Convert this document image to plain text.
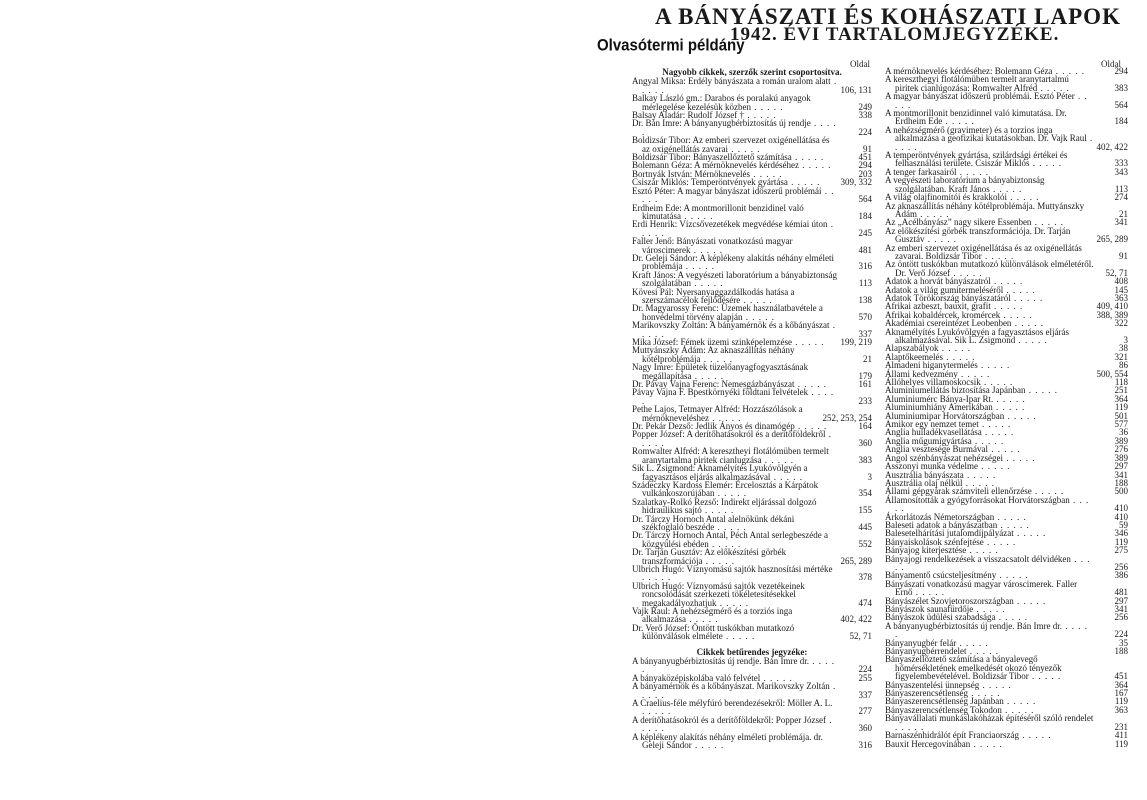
A BÁNYÁSZATI ÉS KOHÁSZATI LAPOK
1942. ÉVI TARTALOMJEGYZÉKE.
Olvasótermi példány
Oldal	Oldal
Nagyobb cikkek, szerzők szerint csoportosítva.
Angyal Miksa: Erdély bányászata a román uralom alatt . . . . .	106, 131
Balkay László gm.: Darabos és poralakú anyagok mérlegelése kezelésük közben . . . . .	249
Balsay Aladár: Rudolf József † . . . . .	338
Dr. Bán Imre: A bányanyugbérbiztosítás új rendje . . . . .	224
Boldizsár Tibor: Az emberi szervezet oxigénellátása és az oxigénellátás zavarai . . . . .	91
Boldizsár Tibor: Bányaszellőztető számítása . . . . .	451
Bolemann Géza: A mérnöknevelés kérdéséhez . . . . .	294
Bortnyák István: Mérnöknevelés . . . . .	203
Csiszár Miklós: Temperöntvények gyártása . . . . . 309, 332
Esztó Péter: A magyar bányászat időszerű problémái . . . . .	564
Erdheim Ede: A montmorillonit benzidinel való kimutatása . . . . .	184
Erdi Henrik: Vízcsővezetékek megvédése kémiai úton . . . . .	245
Faller Jenő: Bányászati vonatkozású magyar városcimerek . . . . .	481
Dr. Geleji Sándor: A képlékeny alakítás néhány elméleti problémája . . . . .	316
Kraft János: A vegyészeti laboratórium a bányabiztonság szolgálatában . . . . .	113
Kövesi Pál: Nyersanyaggazdálkodás hatása a szerszámacélok fejlődésére . . . . .	138
Dr. Magyarossy Ferenc: Üzemek használatbavétele a honvédelmi törvény alapján . . . . .	570
Marikovszky Zoltán: A bányamérnök és a kőbányászat . . . . .	337
Mika József: Fémek üzemi szinképelemzése . . . . . 199, 219
Muttyánszky Ádám: Az aknaszállítás néhány kötélproblémája . . . . .	21
Nagy Imre: Épületek tüzelőanyagfogyasztásának megállapítása . . . . .	179
Dr. Pávay Vajna Ferenc: Nemesgázbányászat . . . . .	161
Pávay Vajna F. Bpestkörnyéki földtani felvételek . . . . .	233
Pethe Lajos, Tetmayer Alfréd: Hozzászólások a mérnökneveléshez . . . . .	252, 253, 254
Dr. Pekár Dezső: Jedlik Ányos és dinamógép . . . . .	164
Popper József: A derítőhatásokról és a derítőföldekről . . . . .	360
Romwalter Alfréd: A keresztheyi flotálómüben termelt aranytartalma piritek cianlugzása . . . . .	383
Sik L. Zsigmond: Aknamélyítés Lyukóvölgyén a fagyasztásos eljárás alkalmazásával . . . . .	3
Szádeczky Kardoss Elemér: Ércelosztás a Kárpátok vulkánkoszorújában . . . . .	354
Szalatkay-Rolkó Rezső: Indirekt eljárással dolgozó hidraulikus sajtó . . . . .	155
Dr. Tárczy Hornoch Antal alelnökünk dékáni székfoglaló beszéde . . . . .	445
Dr. Tárczy Hornoch Antal, Péch Antal serlegbeszéde a közgyülési ebéden . . . . .	552
Dr. Tarján Gusztáv: Az előkészítési görbék transzformációja . . . . .	265, 289
Ulbrich Hugó: Víznyomású sajtók hasznosítási mértéke . . . . .	378
Ulbrich Hugó: Víznyomású sajtók vezetékeinek roncsolódását szerkezeti tökéletesítésekkel megakadályozhatjuk . . . . .	474
Vajk Raul: A nehézségmérő és a torziós inga alkalmazása . . . . .	402, 422
Dr. Verő József: Öntött tuskókban mutatkozó különválások elmélete . . . . .	52, 71
Cikkek betűrendes jegyzéke:
A bányanyugbérbiztosítás új rendje. Bán Imre dr. . . . . .	224
A bányaközépiskolába való felvétel . . . . .	255
A bányamérnök és a kőbányászat. Marikovszky Zoltán . . . . .	337
A Craelius-féle mélyfúró berendezésekről: Möller A. L. . . . . .	277
A derítőhatásokról és a derítőföldekről: Popper József . . . . .	360
A képlékeny alakítás néhány elméleti problémája. dr. Geleji Sándor . . . . .	316
A mérnöknevelés kérdéséhez: Bolemann Géza . . . . .	294
A kereszthegyi flotálómüben termelt aranytartalmú piritek cianlúgozása: Romwalter Alfréd . . . . .	383
A magyar bányászat időszerű problémái. Esztó Péter . . . . .	564
A montmorillonit benzidinnel való kimutatása. Dr. Erdheim Ede . . . . .	184
A nehézségmérő (gravimeter) és a torzios inga alkalmazása a geofizikai kutatásokban. Dr. Vajk Raul . . . . .	402, 422
A temperöntvények gyártása, szilárdsági értékei és felhasználási területe. Csiszár Miklós . . . . .	333
A tenger farkasairól . . . . .	343
A vegyészeti laboratórium a bányabiztonság szolgálatában. Kraft János . . . . .	113
A világ olajfinomítói és krakkolói . . . . .	274
Az aknaszállítás néhány kötélproblémája. Muttyánszky Ádám . . . . .	21
Az „Acélbányász” nagy sikere Essenben . . . . .	341
Az előkészítési görbék transzformációja. Dr. Tarján Gusztáv . . . . .	265, 289
Az emberi szervezet oxigénellátása és az oxigénellátás zavarai. Boldizsár Tibor . . . . .	91
Az öntött tuskókban mutatkozó különválások elméletéről. Dr. Verő József . . . . .	52, 71
Adatok a horvát bányászatról . . . . .	408
Adatok a világ gumitermeléséről . . . . .	145
Adatok Törökország bányászatáról . . . . .	363
Afrikai azbeszt, bauxit, grafit . . . . .	409, 410
Afrikai kobaldércek, kromércek . . . . .	388, 389
Akadémiai csereintézet Leobenben . . . . .	322
Aknamélyítés Lyukóvölgyén a fagyasztásos eljárás alkalmazásával. Sik L. Zsigmond . . . . .	3
Alapszabályok . . . . .	38
Alaptőkeemelés . . . . .	321
Almadeni higanytermelés . . . . .	86
Állami kedvezmény . . . . .	500, 554
Állóhelyes villamoskocsik . . . . .	118
Aluminiumellátás biztosítása Japánban . . . . .	251
Aluminiumérc Bánya-Ipar Rt. . . . . .	364
Aluminiumhiány Amerikában . . . . .	119
Aluminiumipar Horvátországban . . . . .	501
Amikor egy nemzet temet . . . . .	577
Anglia hulladékvasellátása . . . . .	36
Anglia műgumigyártása . . . . .	389
Anglia vesztesége Burmával . . . . .	276
Angol szénbányászat nehézségei . . . . .	389
Asszonyi munka védelme . . . . .	297
Ausztrália bányászata . . . . .	341
Ausztrália olaj nélkül . . . . .	188
Állami gépgyárak számviteli ellenőrzése . . . . .	500
Államosították a gyógyforrásokat Horvátországban . . . . .	410
Árkorlátozás Németországban . . . . .	410
Baleseti adatok a bányászatban . . . . .	59
Balesetelhárítási jutalomdíjpályázat . . . . .	346
Bányaiskolások szénfejtése . . . . .	119
Bányajog kiterjesztése . . . . .	275
Bányajogi rendelkezések a visszacsatolt délvidéken . . . . .	256
Bányamentő csúcsteljesítmény . . . . .	386
Bányászati vonatkozású magyar városcimerek. Faller Ernő . . . . .	481
Bányászélet Szovjetoroszországban . . . . .	297
Bányászok saunafürdője . . . . .	341
Bányászok üdülési szabadsága . . . . .	256
A bányanyugbérbiztosítás új rendje. Bán Imre dr. . . . . .	224
Bányanyugbér felár . . . . .	35
Bányanyugbérrendelet . . . . .	188
Bányaszellőztető számítása a bányalevegő hőmérsékletének emelkedését okozó tényezők figyelembevételével. Boldizsár Tibor . . . . .	451
Bányaszentelési ünnepség . . . . .	364
Bányaszerencsétlenség . . . . .	167
Bányaszerencsétlenség Japánban . . . . .	119
Bányaszerencsétlenség Tokodon . . . . .	363
Bányavállalati munkáslakóházak építéséről szóló rendelet . . . . .	231
Barnaszénhidrálót épít Franciaország . . . . .	411
Bauxit Hercegovinában . . . . .	119
